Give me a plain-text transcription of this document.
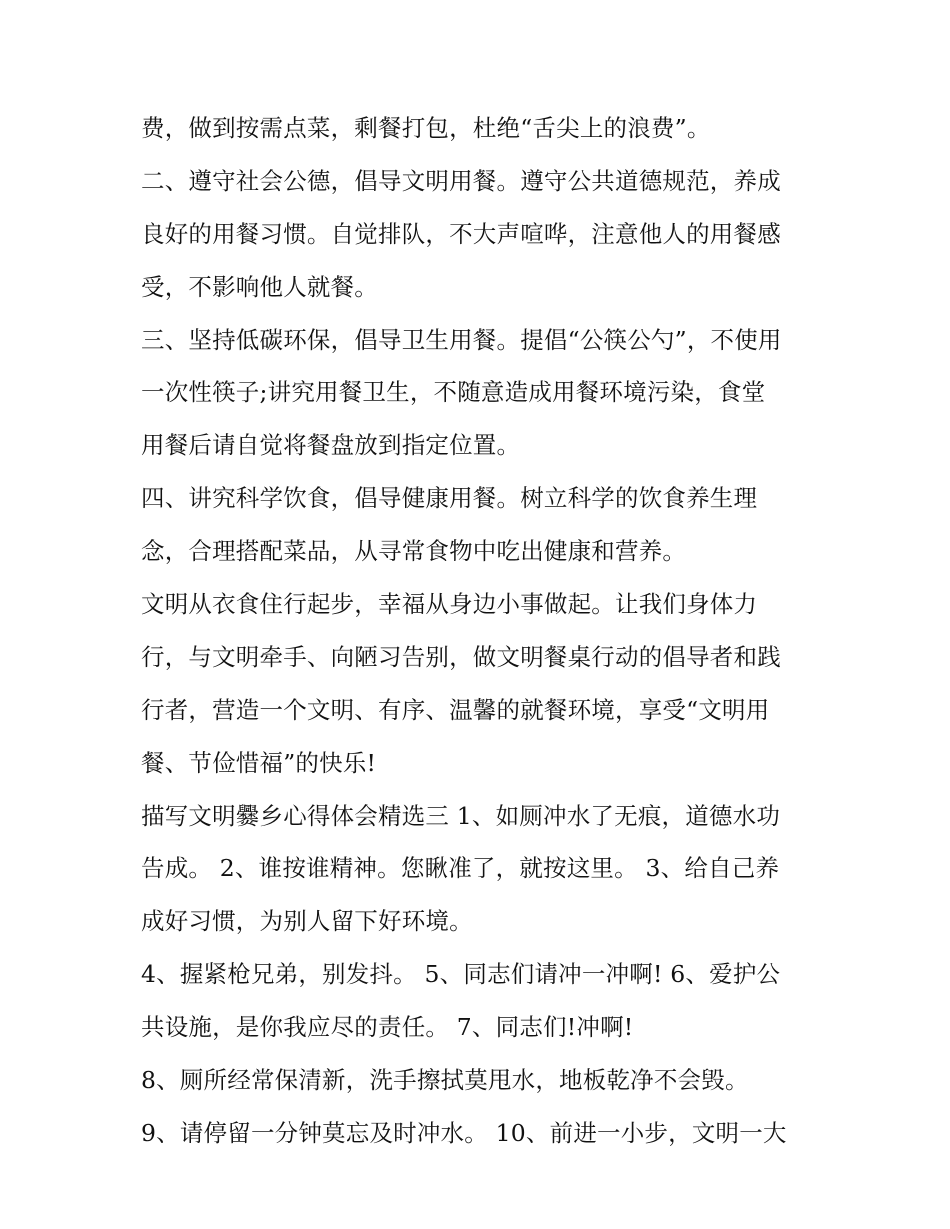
费，做到按需点菜，剩餐打包，杜绝“舌尖上的浪费”。
二、遵守社会公德，倡导文明用餐。遵守公共道德规范，养成
良好的用餐习惯。自觉排队，不大声喧哗，注意他人的用餐感
受，不影响他人就餐。
三、坚持低碳环保，倡导卫生用餐。提倡“公筷公勺”，不使用
一次性筷子;讲究用餐卫生，不随意造成用餐环境污染，食堂
用餐后请自觉将餐盘放到指定位置。
四、讲究科学饮食，倡导健康用餐。树立科学的饮食养生理
念，合理搭配菜品，从寻常食物中吃出健康和营养。
文明从衣食住行起步，幸福从身边小事做起。让我们身体力
行，与文明牵手、向陋习告别，做文明餐桌行动的倡导者和践
行者，营造一个文明、有序、温馨的就餐环境，享受“文明用
餐、节俭惜福”的快乐!
描写文明爨乡心得体会精选三 1、如厕冲水了无痕，道德水功
告成。 2、谁按谁精神。您瞅准了，就按这里。 3、给自己养
成好习惯，为别人留下好环境。
4、握紧枪兄弟，别发抖。 5、同志们请冲一冲啊! 6、爱护公
共设施，是你我应尽的责任。 7、同志们!冲啊!
8、厕所经常保清新，洗手擦拭莫甩水，地板乾净不会毁。
9、请停留一分钟莫忘及时冲水。 10、前进一小步，文明一大
